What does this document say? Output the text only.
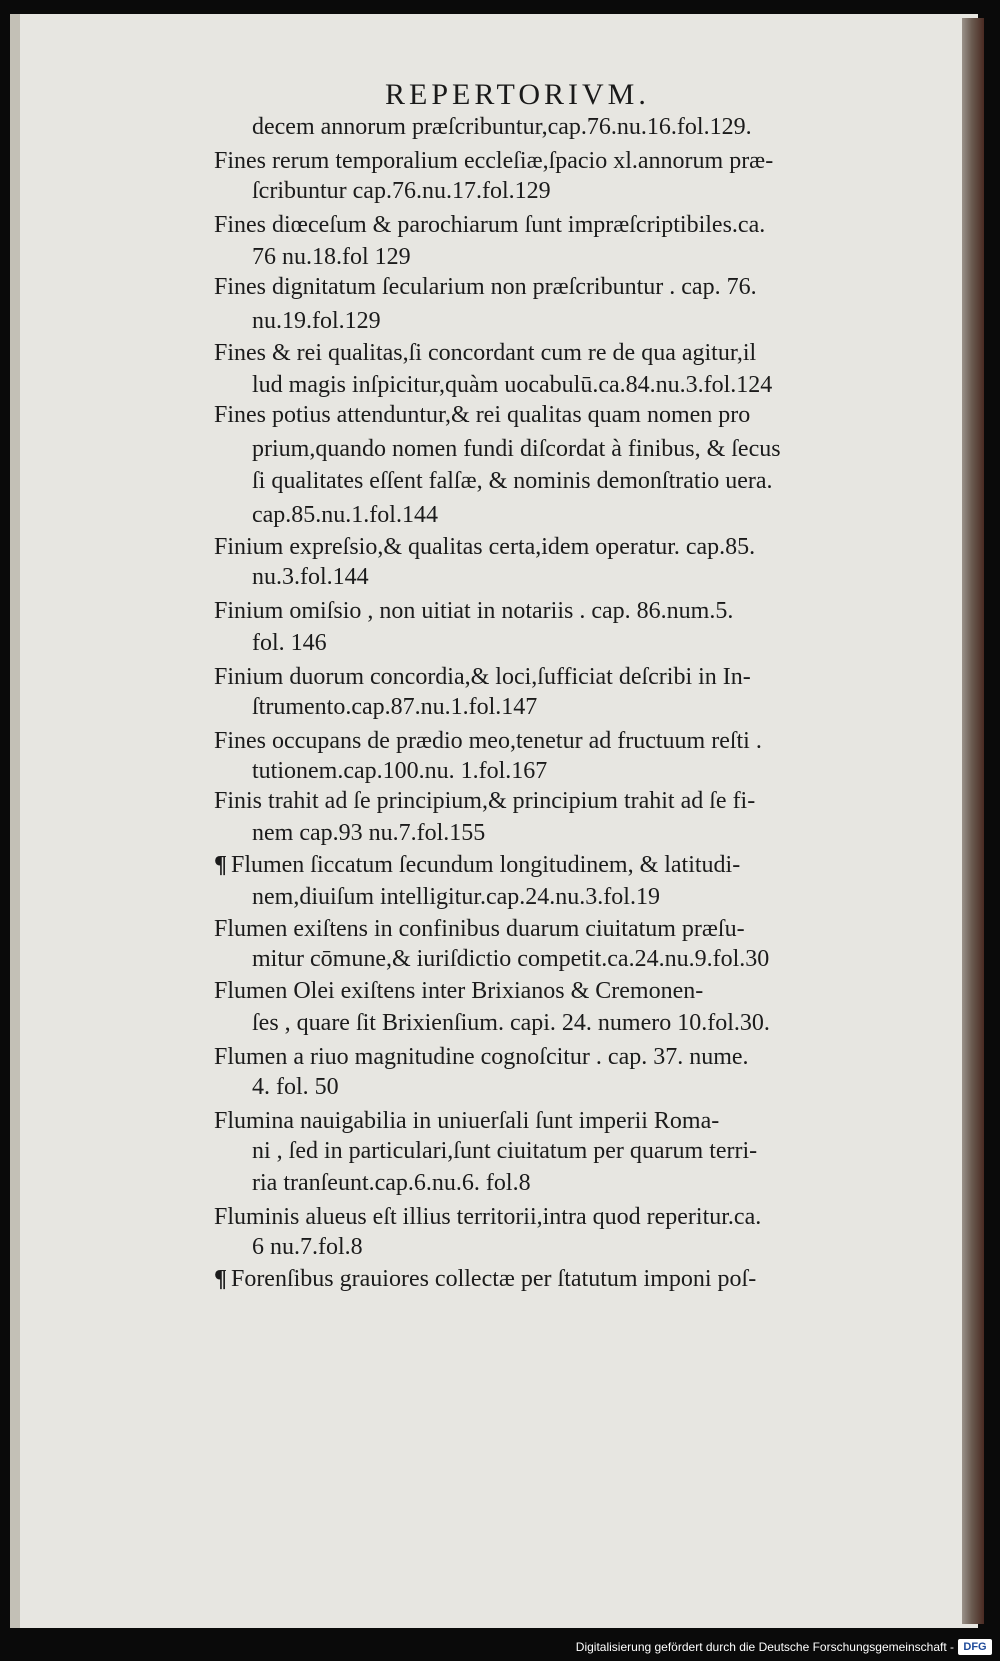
REPERTORIVM.
decem annorum præſcribuntur,cap.76.nu.16.fol.129.
Fines rerum temporalium eccleſiæ,ſpacio xl.annorum præ-
ſcribuntur cap.76.nu.17.fol.129
Fines diœceſum & parochiarum ſunt impræſcriptibiles.ca.
76 nu.18.fol 129
Fines dignitatum ſecularium non præſcribuntur . cap. 76.
nu.19.fol.129
Fines & rei qualitas,ſi concordant cum re de qua agitur,il
lud magis inſpicitur,quàm uocabulū.ca.84.nu.3.fol.124
Fines potius attenduntur,& rei qualitas quam nomen pro
prium,quando nomen fundi diſcordat à finibus, & ſecus
ſi qualitates eſſent falſæ, & nominis demonſtratio uera.
cap.85.nu.1.fol.144
Finium expreſsio,& qualitas certa,idem operatur. cap.85.
nu.3.fol.144
Finium omiſsio , non uitiat in notariis . cap. 86.num.5.
fol. 146
Finium duorum concordia,& loci,ſufficiat deſcribi in In-
ſtrumento.cap.87.nu.1.fol.147
Fines occupans de prædio meo,tenetur ad fructuum reſti .
tutionem.cap.100.nu. 1.fol.167
Finis trahit ad ſe principium,& principium trahit ad ſe fi-
nem cap.93 nu.7.fol.155
¶ Flumen ſiccatum ſecundum longitudinem, & latitudi-
nem,diuiſum intelligitur.cap.24.nu.3.fol.19
Flumen exiſtens in confinibus duarum ciuitatum præſu-
mitur cōmune,& iuriſdictio competit.ca.24.nu.9.fol.30
Flumen Olei exiſtens inter Brixianos & Cremonen-
ſes , quare ſit Brixienſium. capi. 24. numero 10.fol.30.
Flumen a riuo magnitudine cognoſcitur . cap. 37. nume.
4. fol. 50
Flumina nauigabilia in uniuerſali ſunt imperii Roma-
ni , ſed in particulari,ſunt ciuitatum per quarum terri-
ria tranſeunt.cap.6.nu.6. fol.8
Fluminis alueus eſt illius territorii,intra quod reperitur.ca.
6 nu.7.fol.8
¶ Forenſibus grauiores collectæ per ſtatutum imponi poſ-
Digitalisierung gefördert durch die Deutsche Forschungsgemeinschaft - DFG
